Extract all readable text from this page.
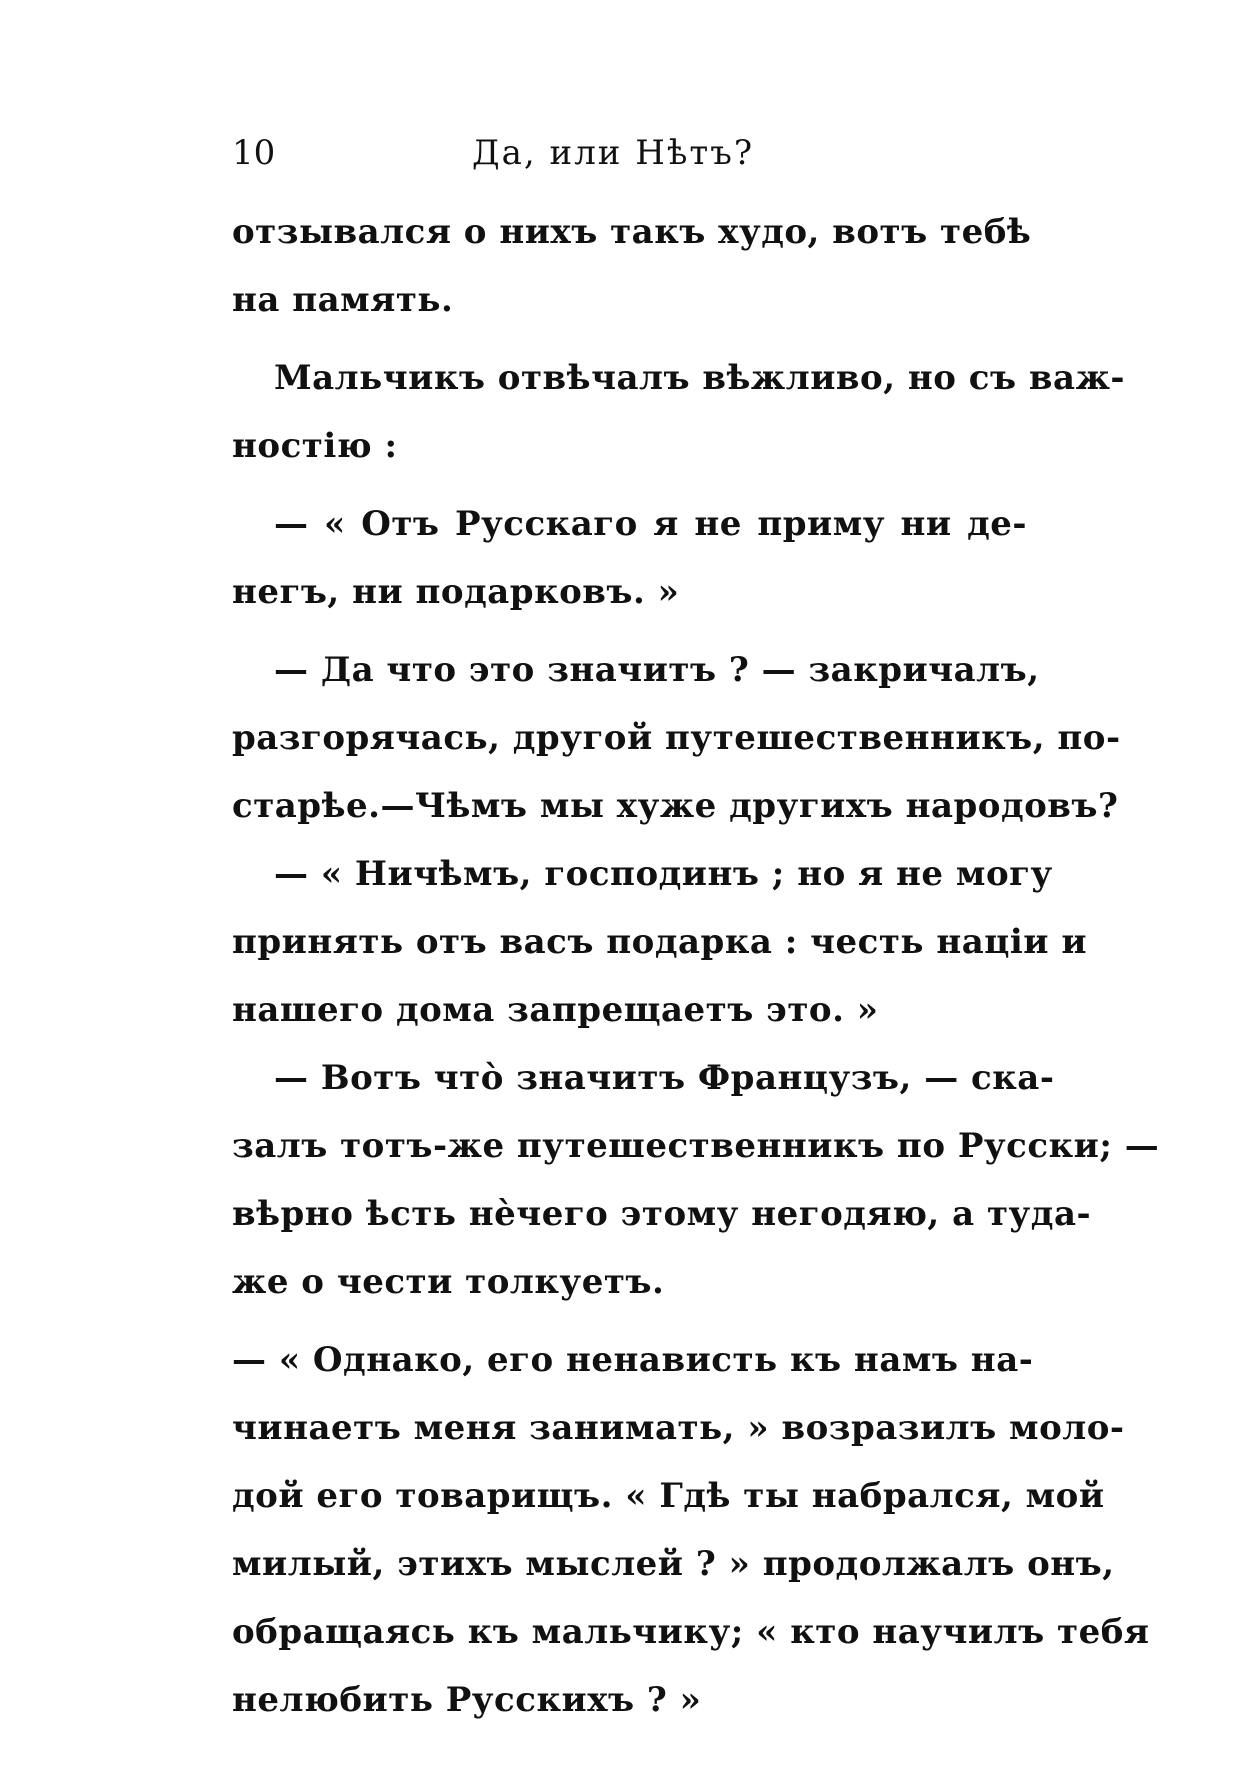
10	Да, или Нѣтъ?
отзывался о нихъ такъ худо, вотъ тебѣ
на память.
Мальчикъ отвѣчалъ вѣжливо, но съ важ-
ностію :
— « Отъ Русскаго я не приму ни де-
негъ, ни подарковъ. »
— Да что это значитъ ? — закричалъ,
разгорячась, другой путешественникъ, по-
старѣе.—Чѣмъ мы хуже другихъ народовъ?
— « Ничѣмъ, господинъ ; но я не могу
принять отъ васъ подарка : честь націи и
нашего дома запрещаетъ это. »
— Вотъ что̀ значитъ Французъ, — ска-
залъ тотъ-же путешественникъ по Русски; —
вѣрно ѣсть нѐчего этому негодяю, а туда-
же о чести толкуетъ.
— « Однако, его ненависть къ намъ на-
чинаетъ меня занимать, » возразилъ моло-
дой его товарищъ. « Гдѣ ты набрался, мой
милый, этихъ мыслей ? » продолжалъ онъ,
обращаясь къ мальчику; « кто научилъ тебя
нелюбить Русскихъ ? »
